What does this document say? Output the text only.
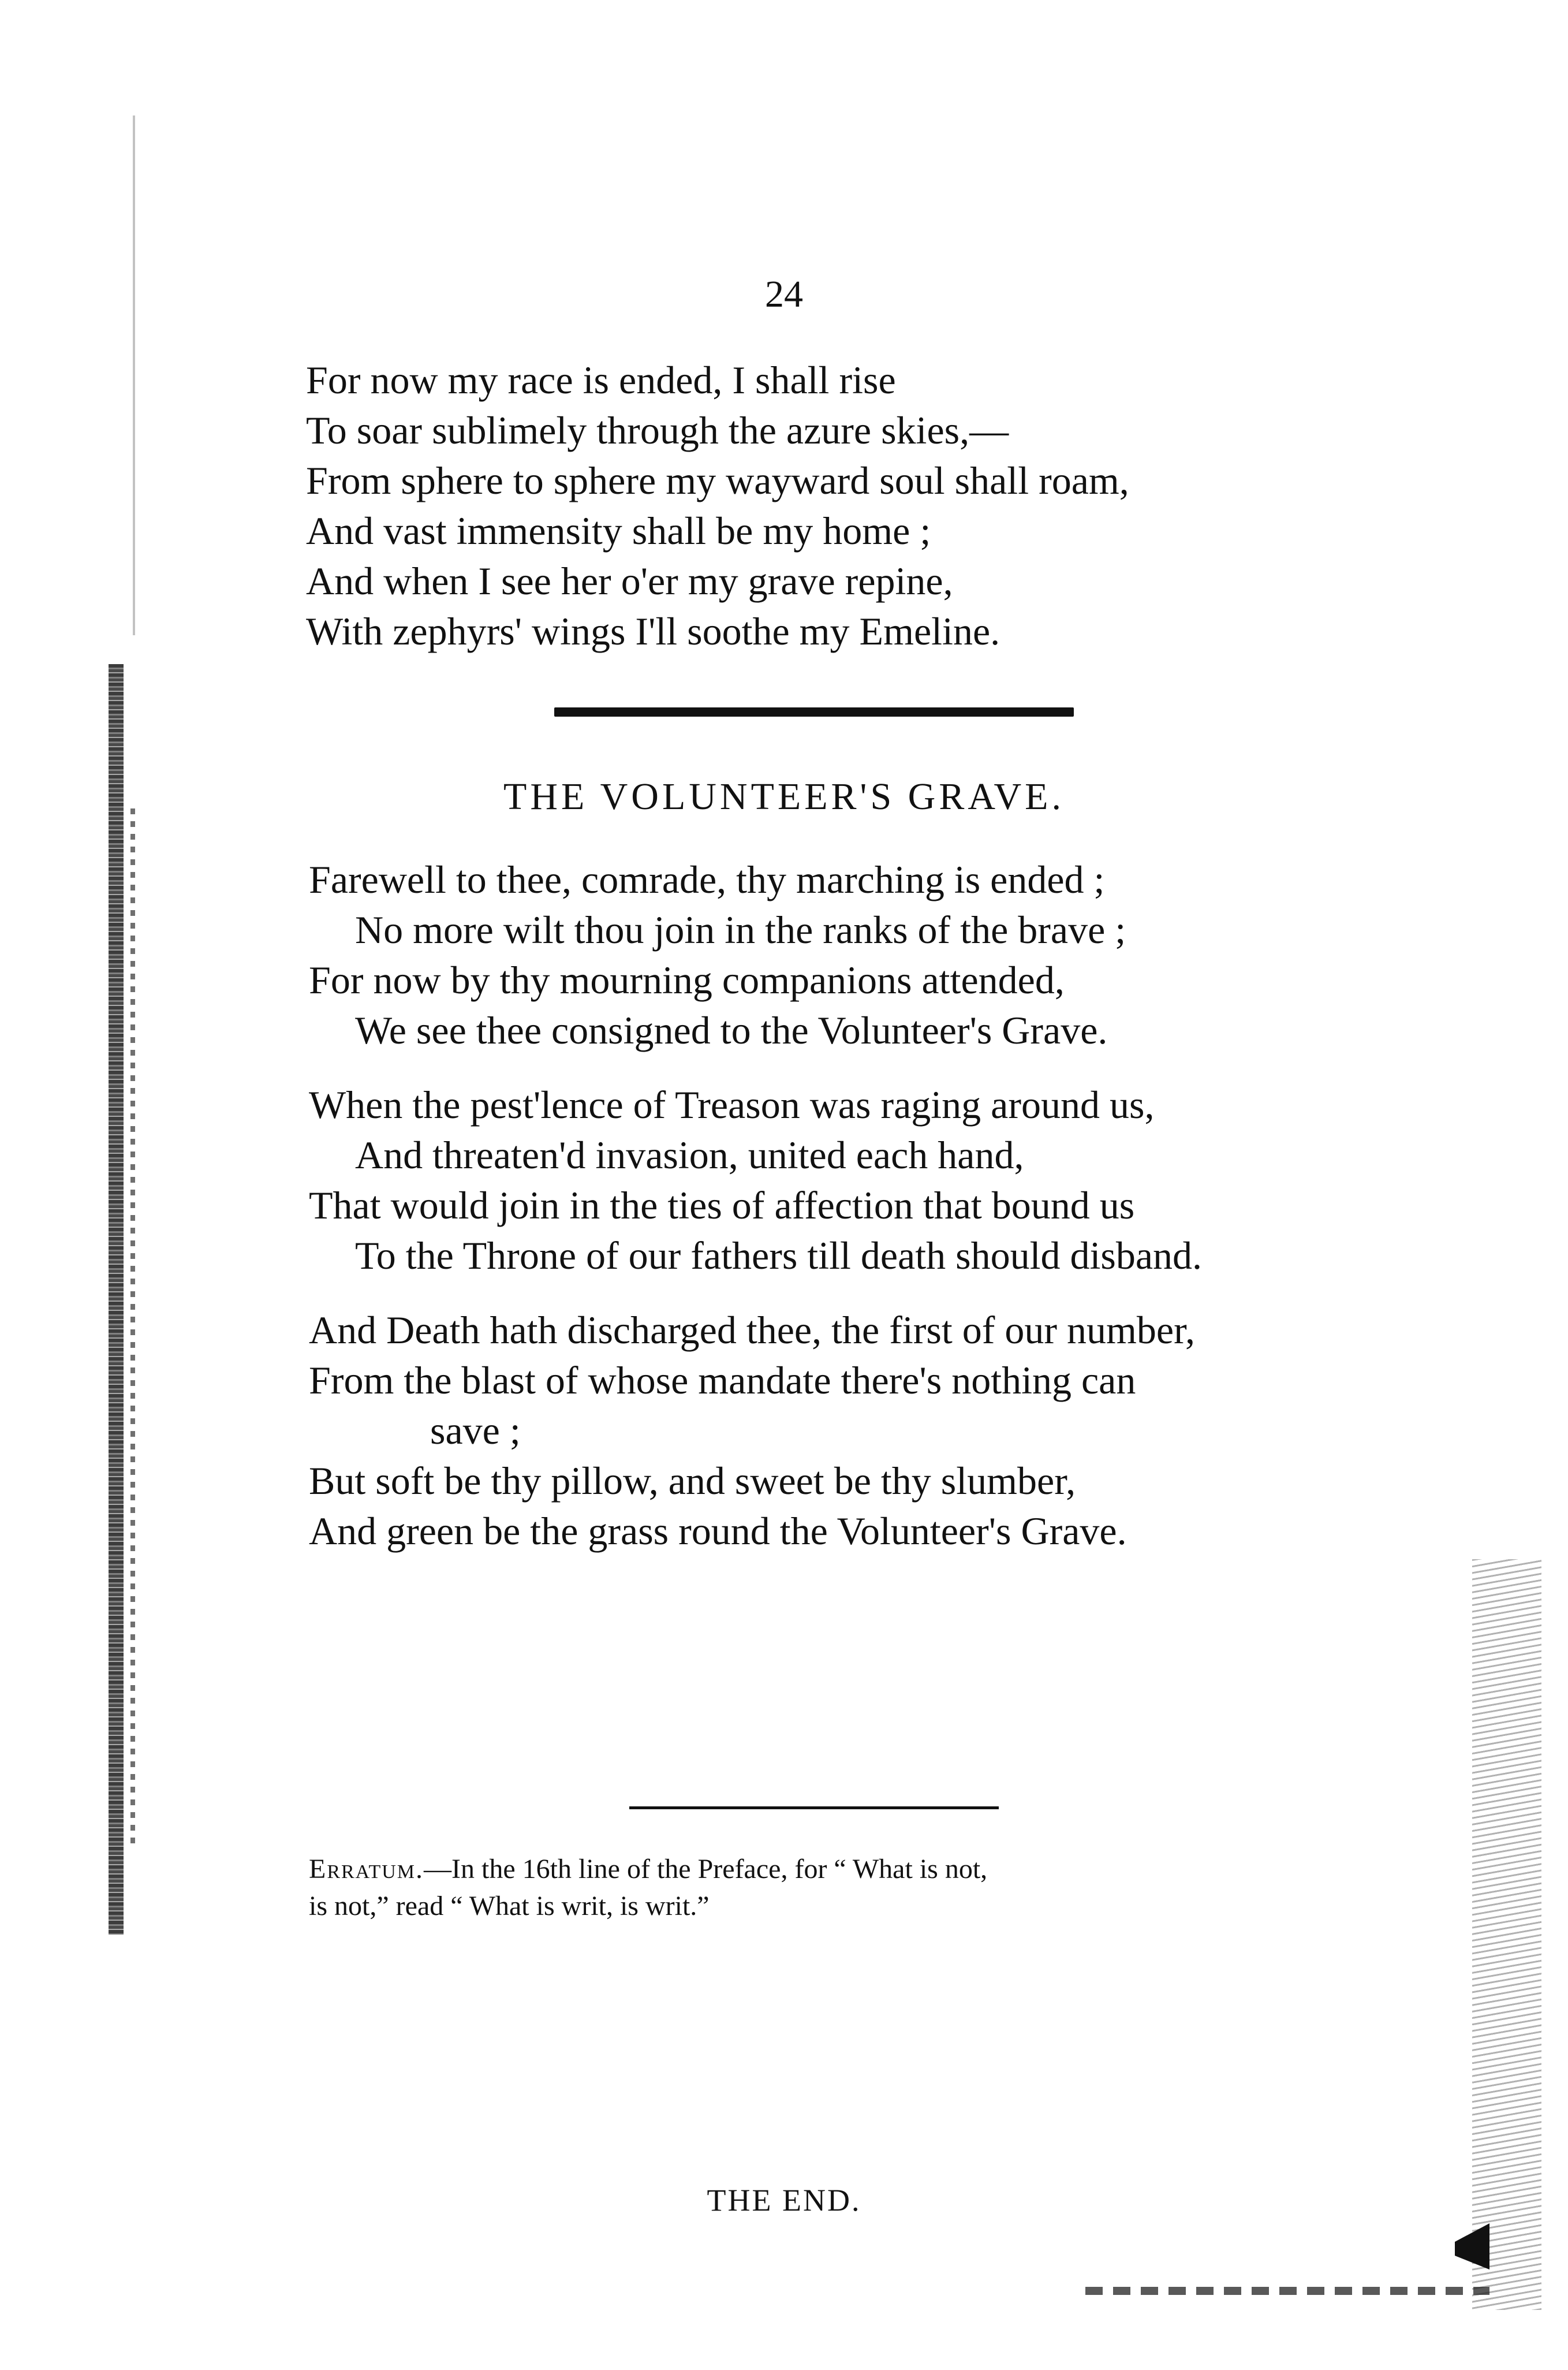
24
For now my race is ended, I shall rise
To soar sublimely through the azure skies,—
From sphere to sphere my wayward soul shall roam,
And vast immensity shall be my home ;
And when I see her o'er my grave repine,
With zephyrs' wings I'll soothe my Emeline.
THE VOLUNTEER'S GRAVE.
Farewell to thee, comrade, thy marching is ended ;
No more wilt thou join in the ranks of the brave ;
For now by thy mourning companions attended,
We see thee consigned to the Volunteer's Grave.
When the pest'lence of Treason was raging around us,
And threaten'd invasion, united each hand,
That would join in the ties of affection that bound us
To the Throne of our fathers till death should disband.
And Death hath discharged thee, the first of our number,
From the blast of whose mandate there's nothing can
save ;
But soft be thy pillow, and sweet be thy slumber,
And green be the grass round the Volunteer's Grave.
Erratum.—In the 16th line of the Preface, for “ What is not,
is not,” read “ What is writ, is writ.”
THE END.
